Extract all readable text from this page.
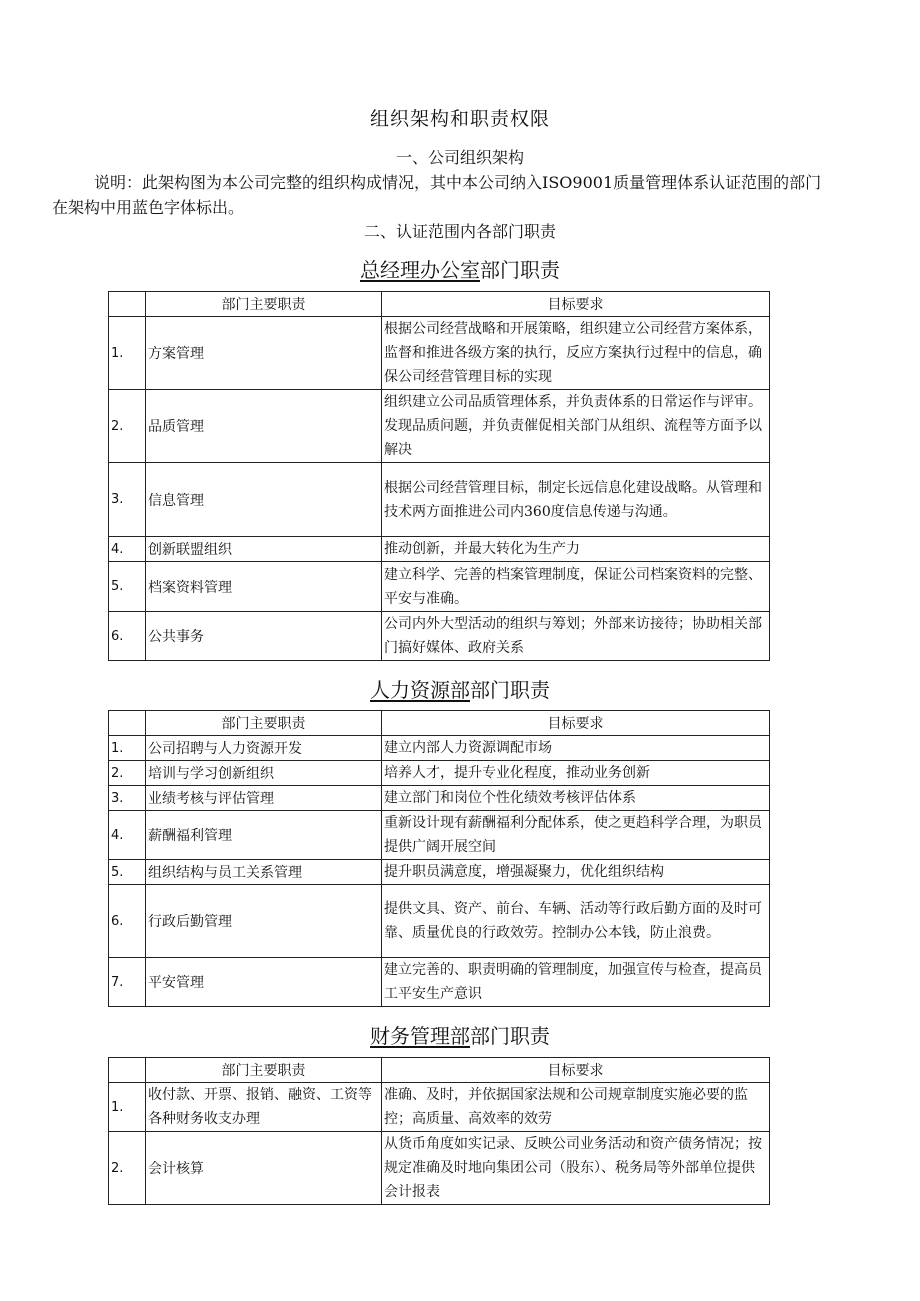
组织架构和职责权限
一、公司组织架构
说明：此架构图为本公司完整的组织构成情况，其中本公司纳入ISO9001质量管理体系认证范围的部门在架构中用蓝色字体标出。
二、认证范围内各部门职责
总经理办公室部门职责
	部门主要职责	目标要求
1.	方案管理	根据公司经营战略和开展策略，组织建立公司经营方案体系，监督和推进各级方案的执行，反应方案执行过程中的信息，确保公司经营管理目标的实现
2.	品质管理	组织建立公司品质管理体系，并负责体系的日常运作与评审。发现品质问题，并负责催促相关部门从组织、流程等方面予以解决
3.	信息管理	根据公司经营管理目标，制定长远信息化建设战略。从管理和技术两方面推进公司内360度信息传递与沟通。
4.	创新联盟组织	推动创新，并最大转化为生产力
5.	档案资料管理	建立科学、完善的档案管理制度，保证公司档案资料的完整、平安与准确。
6.	公共事务	公司内外大型活动的组织与筹划；外部来访接待；协助相关部门搞好媒体、政府关系
人力资源部部门职责
	部门主要职责	目标要求
1.	公司招聘与人力资源开发	建立内部人力资源调配市场
2.	培训与学习创新组织	培养人才，提升专业化程度，推动业务创新
3.	业绩考核与评估管理	建立部门和岗位个性化绩效考核评估体系
4.	薪酬福利管理	重新设计现有薪酬福利分配体系，使之更趋科学合理，为职员提供广阔开展空间
5.	组织结构与员工关系管理	提升职员满意度，增强凝聚力，优化组织结构
6.	行政后勤管理	提供文具、资产、前台、车辆、活动等行政后勤方面的及时可靠、质量优良的行政效劳。控制办公本钱，防止浪费。
7.	平安管理	建立完善的、职责明确的管理制度，加强宣传与检查，提高员工平安生产意识
财务管理部部门职责
	部门主要职责	目标要求
1.	收付款、开票、报销、融资、工资等各种财务收支办理	准确、及时，并依据国家法规和公司规章制度实施必要的监控；高质量、高效率的效劳
2.	会计核算	从货币角度如实记录、反映公司业务活动和资产债务情况；按规定准确及时地向集团公司（股东）、税务局等外部单位提供会计报表
